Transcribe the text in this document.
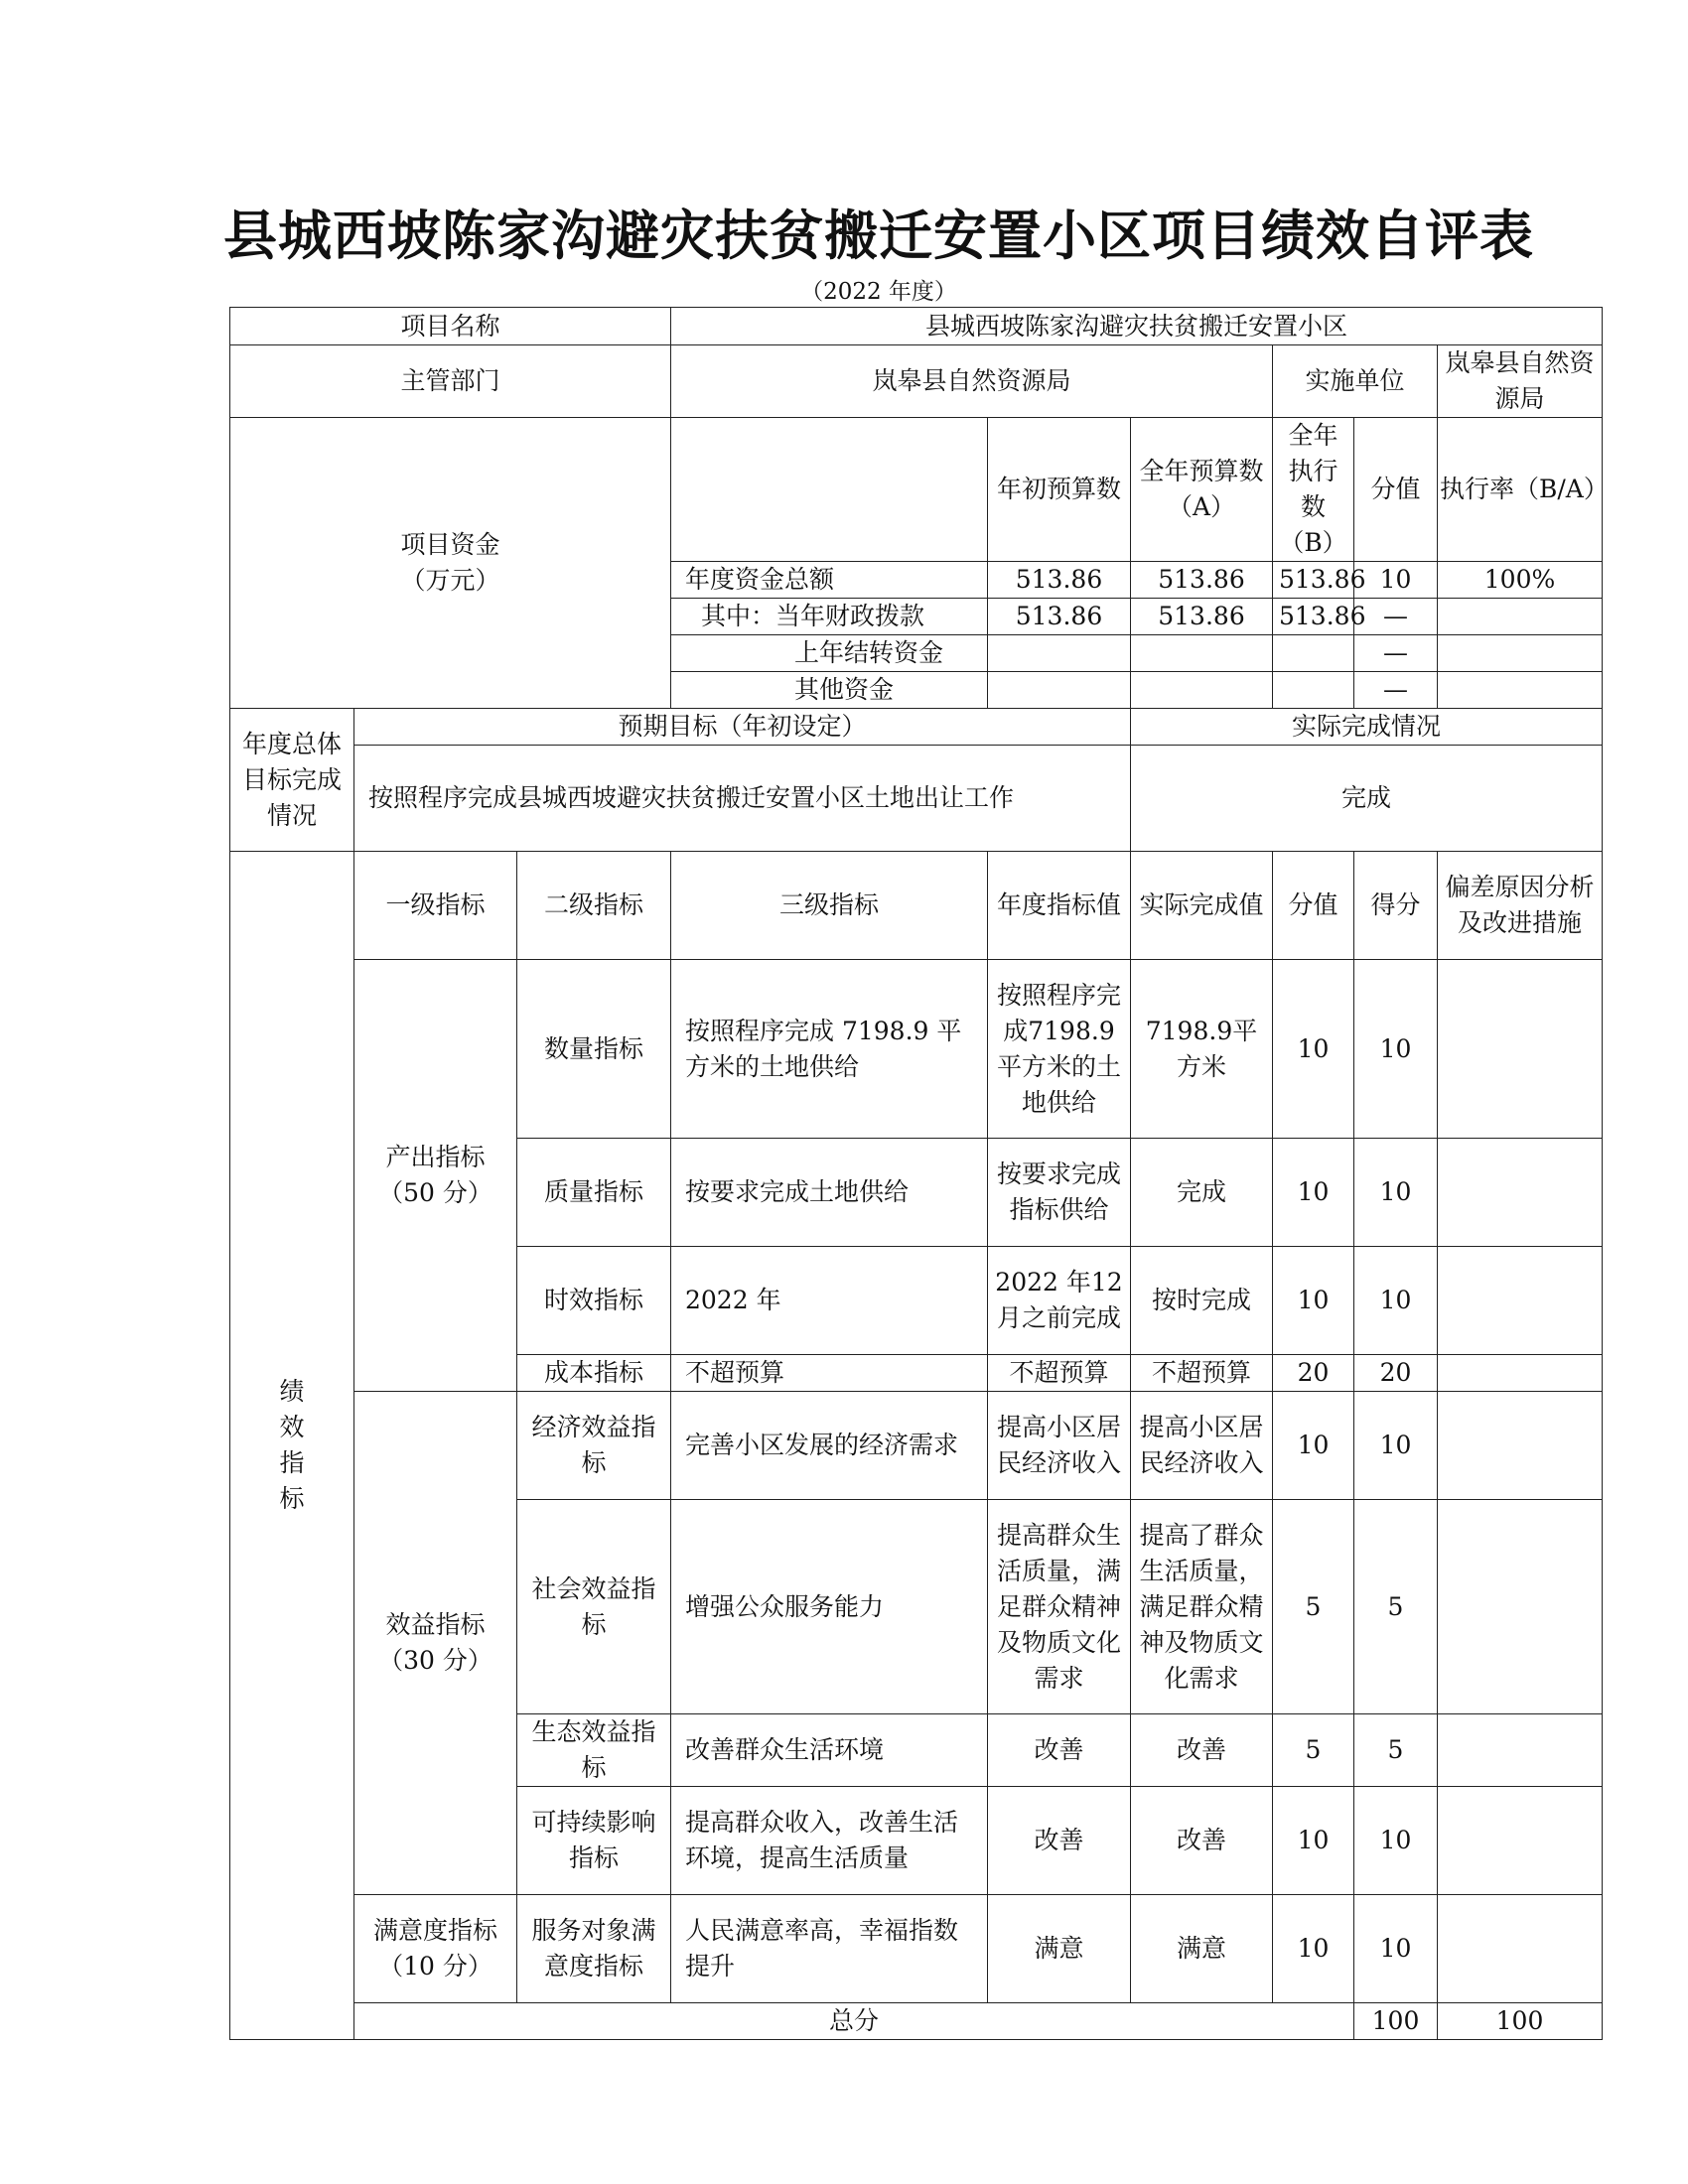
县城西坡陈家沟避灾扶贫搬迁安置小区项目绩效自评表
（2022 年度）
项目名称			县城西坡陈家沟避灾扶贫搬迁安置小区						
主管部门			岚皋县自然资源局			实施单位		岚皋县自然资源局	

项目资金
（万元）				年初预算数	全年预算数（A）	全年执行数（B）	分值	执行率（B/A）	
			年度资金总额	513.86	513.86	513.86	10	100%	
			其中：当年财政拨款	513.86	513.86	513.86	—		
			上年结转资金				—		
			其他资金				—		
年度总体目标完成情况	预期目标（年初设定）				实际完成情况				
	按照程序完成县城西坡避灾扶贫搬迁安置小区土地出让工作				完成				

绩效指标	一级指标	二级指标	三级指标	年度指标值	实际完成值	分值	得分	偏差原因分析及改进措施	
	产出指标（50 分）	数量指标	按照程序完成 7198.9 平方米的土地供给	按照程序完成7198.9 平方米的土地供给	7198.9平方米	10	10		
		质量指标	按要求完成土地供给	按要求完成指标供给	完成	10	10		
		时效指标	2022 年	2022 年12 月之前完成	按时完成	10	10		
		成本指标	不超预算	不超预算	不超预算	20	20		
	效益指标（30 分）	经济效益指标	完善小区发展的经济需求	提高小区居民经济收入	提高小区居民经济收入	10	10		
		社会效益指标	增强公众服务能力	提高群众生活质量，满足群众精神及物质文化需求	提高了群众生活质量，满足群众精神及物质文化需求	5	5		
		生态效益指标	改善群众生活环境	改善	改善	5	5		
		可持续影响指标	提高群众收入，改善生活环境，提高生活质量	改善	改善	10	10		
	满意度指标（10 分）	服务对象满意度指标	人民满意率高，幸福指数提升	满意	满意	10	10		
	总分						100	100	
